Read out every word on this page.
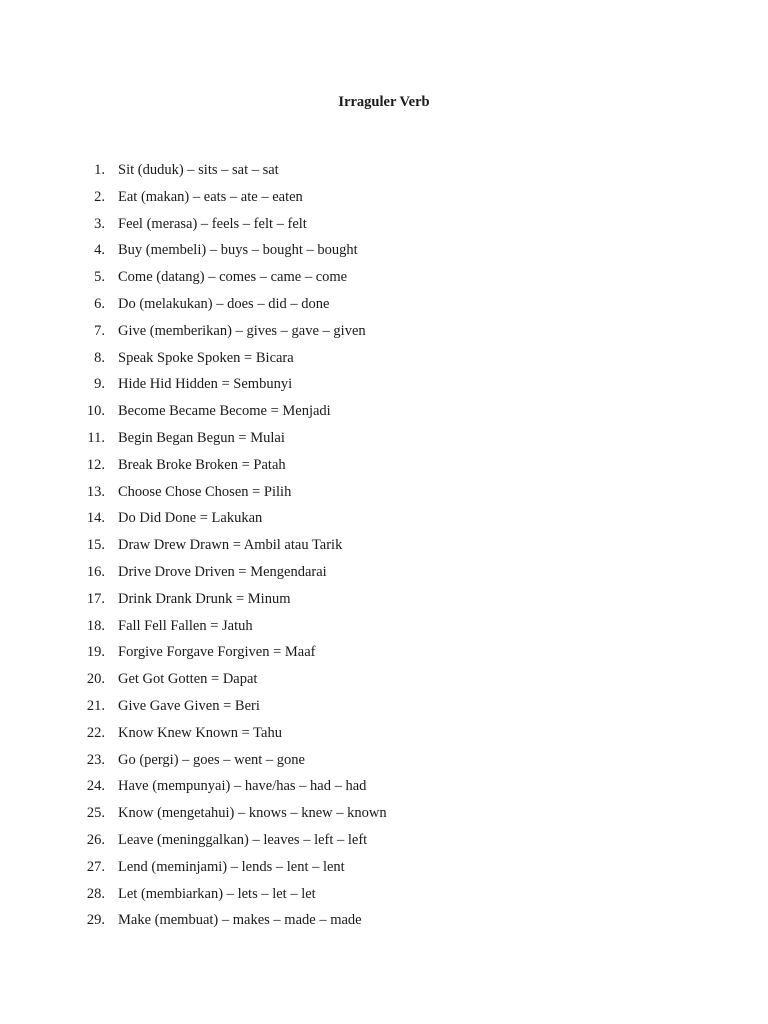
Irraguler Verb
1. Sit (duduk) – sits – sat – sat
2. Eat (makan) – eats – ate – eaten
3. Feel (merasa) – feels – felt – felt
4. Buy (membeli) – buys – bought – bought
5. Come (datang) – comes – came – come
6. Do (melakukan) – does – did – done
7. Give (memberikan) – gives – gave – given
8. Speak Spoke Spoken = Bicara
9. Hide Hid Hidden = Sembunyi
10. Become Became Become = Menjadi
11. Begin Began Begun = Mulai
12. Break Broke Broken = Patah
13. Choose Chose Chosen = Pilih
14. Do Did Done = Lakukan
15. Draw Drew Drawn = Ambil atau Tarik
16. Drive Drove Driven = Mengendarai
17. Drink Drank Drunk = Minum
18. Fall Fell Fallen = Jatuh
19. Forgive Forgave Forgiven = Maaf
20. Get Got Gotten = Dapat
21. Give Gave Given = Beri
22. Know Knew Known = Tahu
23. Go (pergi) – goes – went – gone
24. Have (mempunyai) – have/has – had – had
25. Know (mengetahui) – knows – knew – known
26. Leave (meninggalkan) – leaves – left – left
27. Lend (meminjami) – lends – lent – lent
28. Let (membiarkan) – lets – let – let
29. Make (membuat) – makes – made – made
